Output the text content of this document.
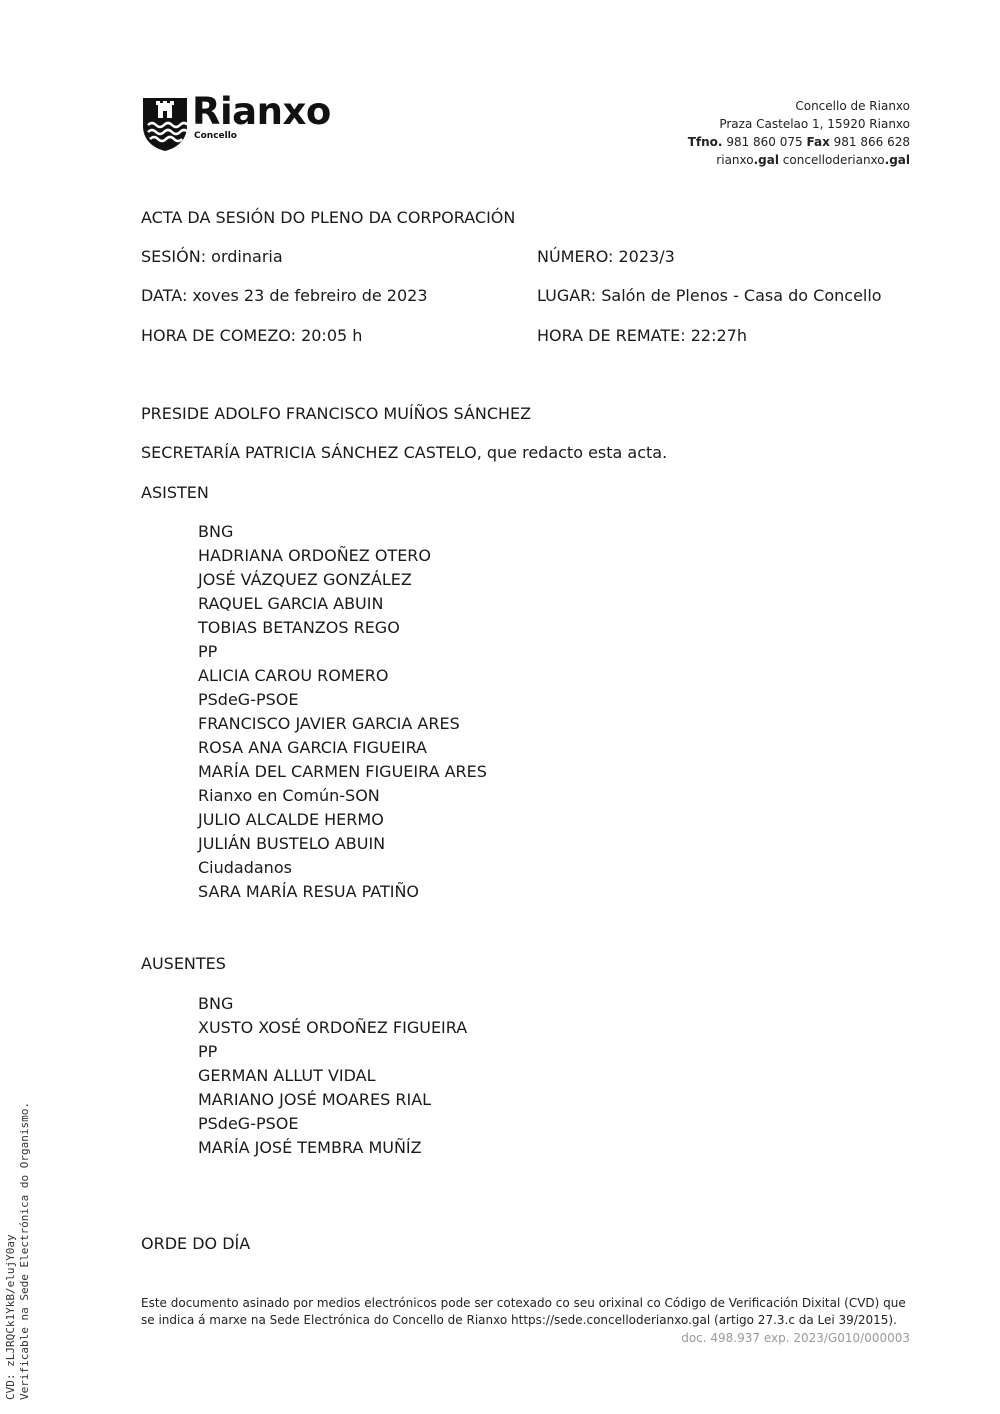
Rianxo
Concello
Concello de Rianxo
Praza Castelao 1, 15920 Rianxo
Tfno. 981 860 075 Fax 981 866 628
rianxo.gal concelloderianxo.gal
ACTA DA SESIÓN DO PLENO DA CORPORACIÓN
SESIÓN: ordinaria	NÚMERO: 2023/3
DATA: xoves 23 de febreiro de 2023	LUGAR: Salón de Plenos - Casa do Concello
HORA DE COMEZO: 20:05 h	HORA DE REMATE: 22:27h
PRESIDE ADOLFO FRANCISCO MUÍÑOS SÁNCHEZ
SECRETARÍA PATRICIA SÁNCHEZ CASTELO, que redacto esta acta.
ASISTEN
BNG
HADRIANA ORDOÑEZ OTERO
JOSÉ VÁZQUEZ GONZÁLEZ
RAQUEL GARCIA ABUIN
TOBIAS BETANZOS REGO
PP
ALICIA CAROU ROMERO
PSdeG-PSOE
FRANCISCO JAVIER GARCIA ARES
ROSA ANA GARCIA FIGUEIRA
MARÍA DEL CARMEN FIGUEIRA ARES
Rianxo en Común-SON
JULIO ALCALDE HERMO
JULIÁN BUSTELO ABUIN
Ciudadanos
SARA MARÍA RESUA PATIÑO
AUSENTES
BNG
XUSTO XOSÉ ORDOÑEZ FIGUEIRA
PP
GERMAN ALLUT VIDAL
MARIANO JOSÉ MOARES RIAL
PSdeG-PSOE
MARÍA JOSÉ TEMBRA MUÑÍZ
ORDE DO DÍA
Este documento asinado por medios electrónicos pode ser cotexado co seu orixinal co Código de Verificación Dixital (CVD) que se indica á marxe na Sede Electrónica do Concello de Rianxo https://sede.concelloderianxo.gal (artigo 27.3.c da Lei 39/2015).
doc. 498.937 exp. 2023/G010/000003
CVD: zLJRQCk1YkB/elujY0ay Verificable na Sede Electrónica do Organismo.
